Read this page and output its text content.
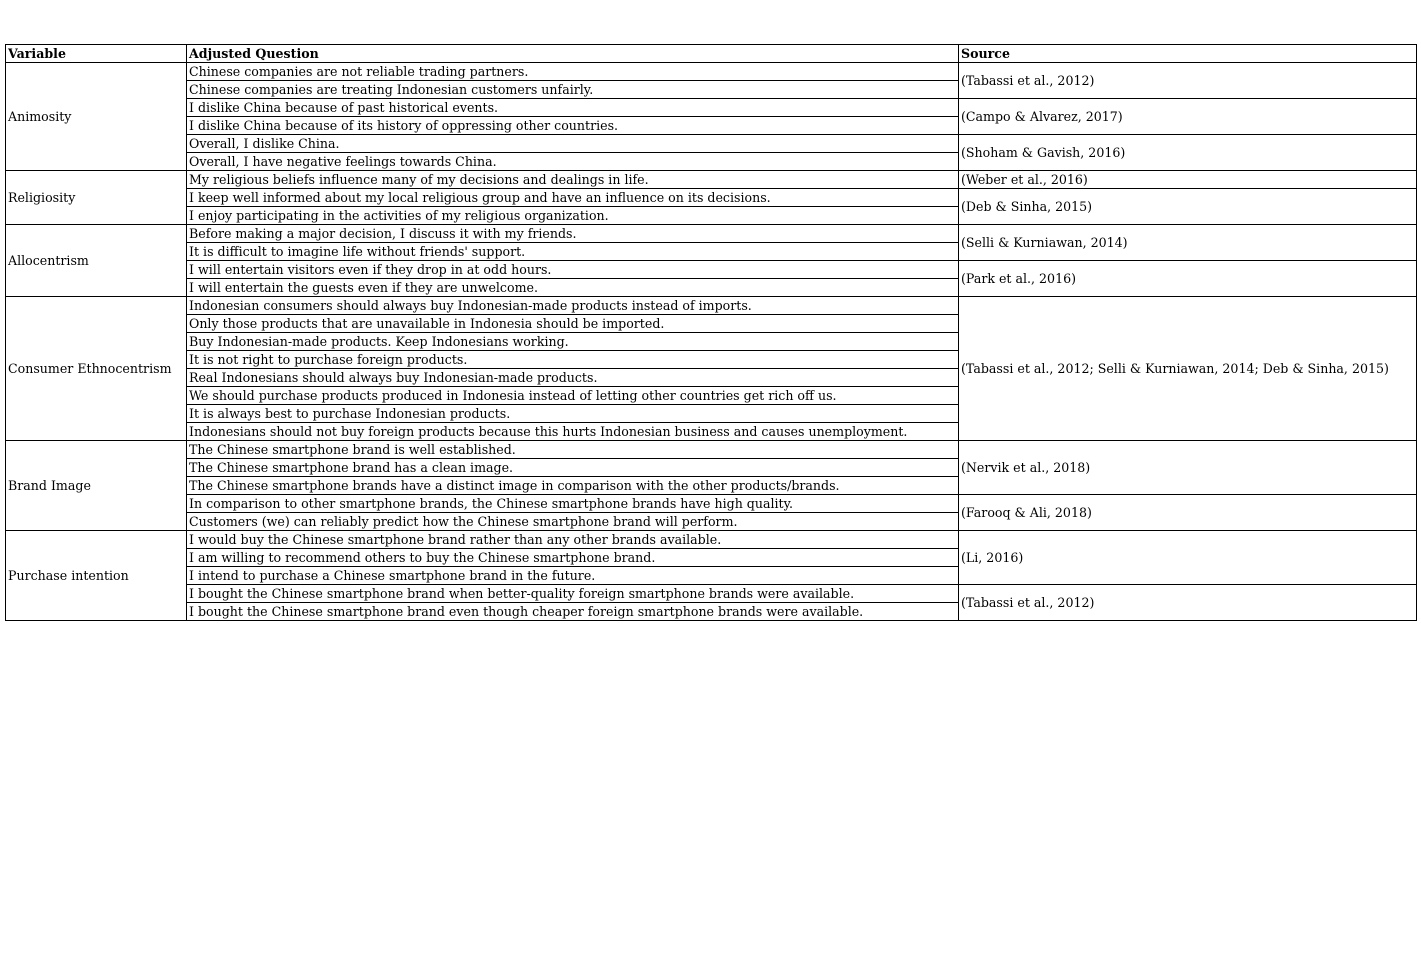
Variable	Adjusted Question	Source
Animosity	Chinese companies are not reliable trading partners.	(Tabassi et al., 2012)
	Chinese companies are treating Indonesian customers unfairly.	
	I dislike China because of past historical events.	(Campo & Alvarez, 2017)
	I dislike China because of its history of oppressing other countries.	
	Overall, I dislike China.	(Shoham & Gavish, 2016)
	Overall, I have negative feelings towards China.	
Religiosity	My religious beliefs influence many of my decisions and dealings in life.	(Weber et al., 2016)
	I keep well informed about my local religious group and have an influence on its decisions.	(Deb & Sinha, 2015)
	I enjoy participating in the activities of my religious organization.	
Allocentrism	Before making a major decision, I discuss it with my friends.	(Selli & Kurniawan, 2014)
	It is difficult to imagine life without friends' support.	
	I will entertain visitors even if they drop in at odd hours.	(Park et al., 2016)
	I will entertain the guests even if they are unwelcome.	
Consumer Ethnocentrism	Indonesian consumers should always buy Indonesian-made products instead of imports.	(Tabassi et al., 2012; Selli & Kurniawan, 2014; Deb & Sinha, 2015)
	Only those products that are unavailable in Indonesia should be imported.	
	Buy Indonesian-made products. Keep Indonesians working.	
	It is not right to purchase foreign products.	
	Real Indonesians should always buy Indonesian-made products.	
	We should purchase products produced in Indonesia instead of letting other countries get rich off us.	
	It is always best to purchase Indonesian products.	
	Indonesians should not buy foreign products because this hurts Indonesian business and causes unemployment.	
Brand Image	The Chinese smartphone brand is well established.	(Nervik et al., 2018)
	The Chinese smartphone brand has a clean image.	
	The Chinese smartphone brands have a distinct image in comparison with the other products/brands.	
	In comparison to other smartphone brands, the Chinese smartphone brands have high quality.	(Farooq & Ali, 2018)
	Customers (we) can reliably predict how the Chinese smartphone brand will perform.	
Purchase intention	I would buy the Chinese smartphone brand rather than any other brands available.	(Li, 2016)
	I am willing to recommend others to buy the Chinese smartphone brand.	
	I intend to purchase a Chinese smartphone brand in the future.	
	I bought the Chinese smartphone brand when better-quality foreign smartphone brands were available.	(Tabassi et al., 2012)
	I bought the Chinese smartphone brand even though cheaper foreign smartphone brands were available.	
